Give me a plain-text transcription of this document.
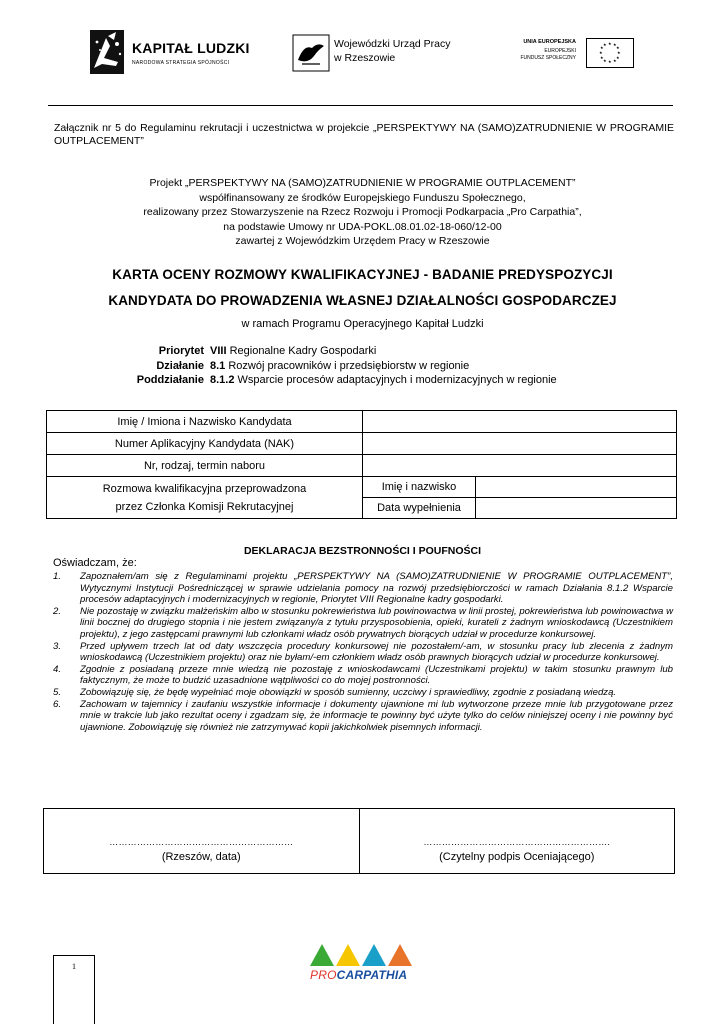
KAPITAŁ LUDZKI
NARODOWA STRATEGIA SPÓJNOŚCI
Wojewódzki Urząd Pracy
w Rzeszowie
UNIA EUROPEJSKA
EUROPEJSKI
FUNDUSZ SPOŁECZNY
★ ★
★
★
★
★
★
★
★
★
★
★
Załącznik nr 5 do Regulaminu rekrutacji i uczestnictwa w projekcie „PERSPEKTYWY NA (SAMO)ZATRUDNIENIE W PROGRAMIE OUTPLACEMENT”
Projekt „PERSPEKTYWY NA (SAMO)ZATRUDNIENIE W PROGRAMIE OUTPLACEMENT”
współfinansowany ze środków Europejskiego Funduszu Społecznego,
realizowany przez Stowarzyszenie na Rzecz Rozwoju i Promocji Podkarpacia „Pro Carpathia”,
na podstawie Umowy nr UDA-POKL.08.01.02-18-060/12-00
zawartej z Wojewódzkim Urzędem Pracy w Rzeszowie
KARTA OCENY ROZMOWY KWALIFIKACYJNEJ - BADANIE PREDYSPOZYCJI
KANDYDATA DO PROWADZENIA WŁASNEJ DZIAŁALNOŚCI GOSPODARCZEJ
w ramach Programu Operacyjnego Kapitał Ludzki
Priorytet VIII Regionalne Kadry Gospodarki
Działanie 8.1 Rozwój pracowników i przedsiębiorstw w regionie
Poddziałanie 8.1.2 Wsparcie procesów adaptacyjnych i modernizacyjnych w regionie
Imię / Imiona i Nazwisko Kandydata		
Numer Aplikacyjny Kandydata (NAK)		
Nr, rodzaj, termin naboru		

Rozmowa kwalifikacyjna przeprowadzona
przez Członka Komisji Rekrutacyjnej	Imię i nazwisko	
	Data wypełnienia	
DEKLARACJA BEZSTRONNOŚCI I POUFNOŚCI
Oświadczam, że:
1.	Zapoznałem/am się z Regulaminami projektu „PERSPEKTYWY NA (SAMO)ZATRUDNIENIE W PROGRAMIE OUTPLACEMENT”, Wytycznymi Instytucji Pośredniczącej w sprawie udzielania pomocy na rozwój przedsiębiorczości w ramach Działania 8.1.2 Wsparcie procesów adaptacyjnych i modernizacyjnych w regionie, Priorytet VIII Regionalne kadry gospodarki.
2.	Nie pozostaję w związku małżeńskim albo w stosunku pokrewieństwa lub powinowactwa w linii prostej, pokrewieństwa lub powinowactwa w linii bocznej do drugiego stopnia i nie jestem związany/a z tytułu przysposobienia, opieki, kurateli z żadnym wnioskodawcą (Uczestnikiem projektu), z jego zastępcami prawnymi lub członkami władz osób prywatnych biorących udział w procedurze konkursowej.
3.	Przed upływem trzech lat od daty wszczęcia procedury konkursowej nie pozostałem/-am, w stosunku pracy lub zlecenia z żadnym wnioskodawcą (Uczestnikiem projektu) oraz nie byłam/-em członkiem władz osób prawnych biorących udział w procedurze konkursowej.
4.	Zgodnie z posiadaną przeze mnie wiedzą nie pozostaję z wnioskodawcami (Uczestnikami projektu) w takim stosunku prawnym lub faktycznym, że może to budzić uzasadnione wątpliwości co do mojej postronności.
5.	Zobowiązuję się, że będę wypełniać moje obowiązki w sposób sumienny, uczciwy i sprawiedliwy, zgodnie z posiadaną wiedzą.
6.	Zachowam w tajemnicy i zaufaniu wszystkie informacje i dokumenty ujawnione mi lub wytworzone przeze mnie lub przygotowane przez mnie w trakcie lub jako rezultat oceny i zgadzam się, że informacje te powinny być użyte tylko do celów niniejszej oceny i nie powinny być ujawnione. Zobowiązuję się również nie zatrzymywać kopii jakichkolwiek pisemnych informacji.
……………………………………………………
(Rzeszów, data)
…………………………………………………….
(Czytelny podpis Oceniającego)
1
PROCARPATHIA
